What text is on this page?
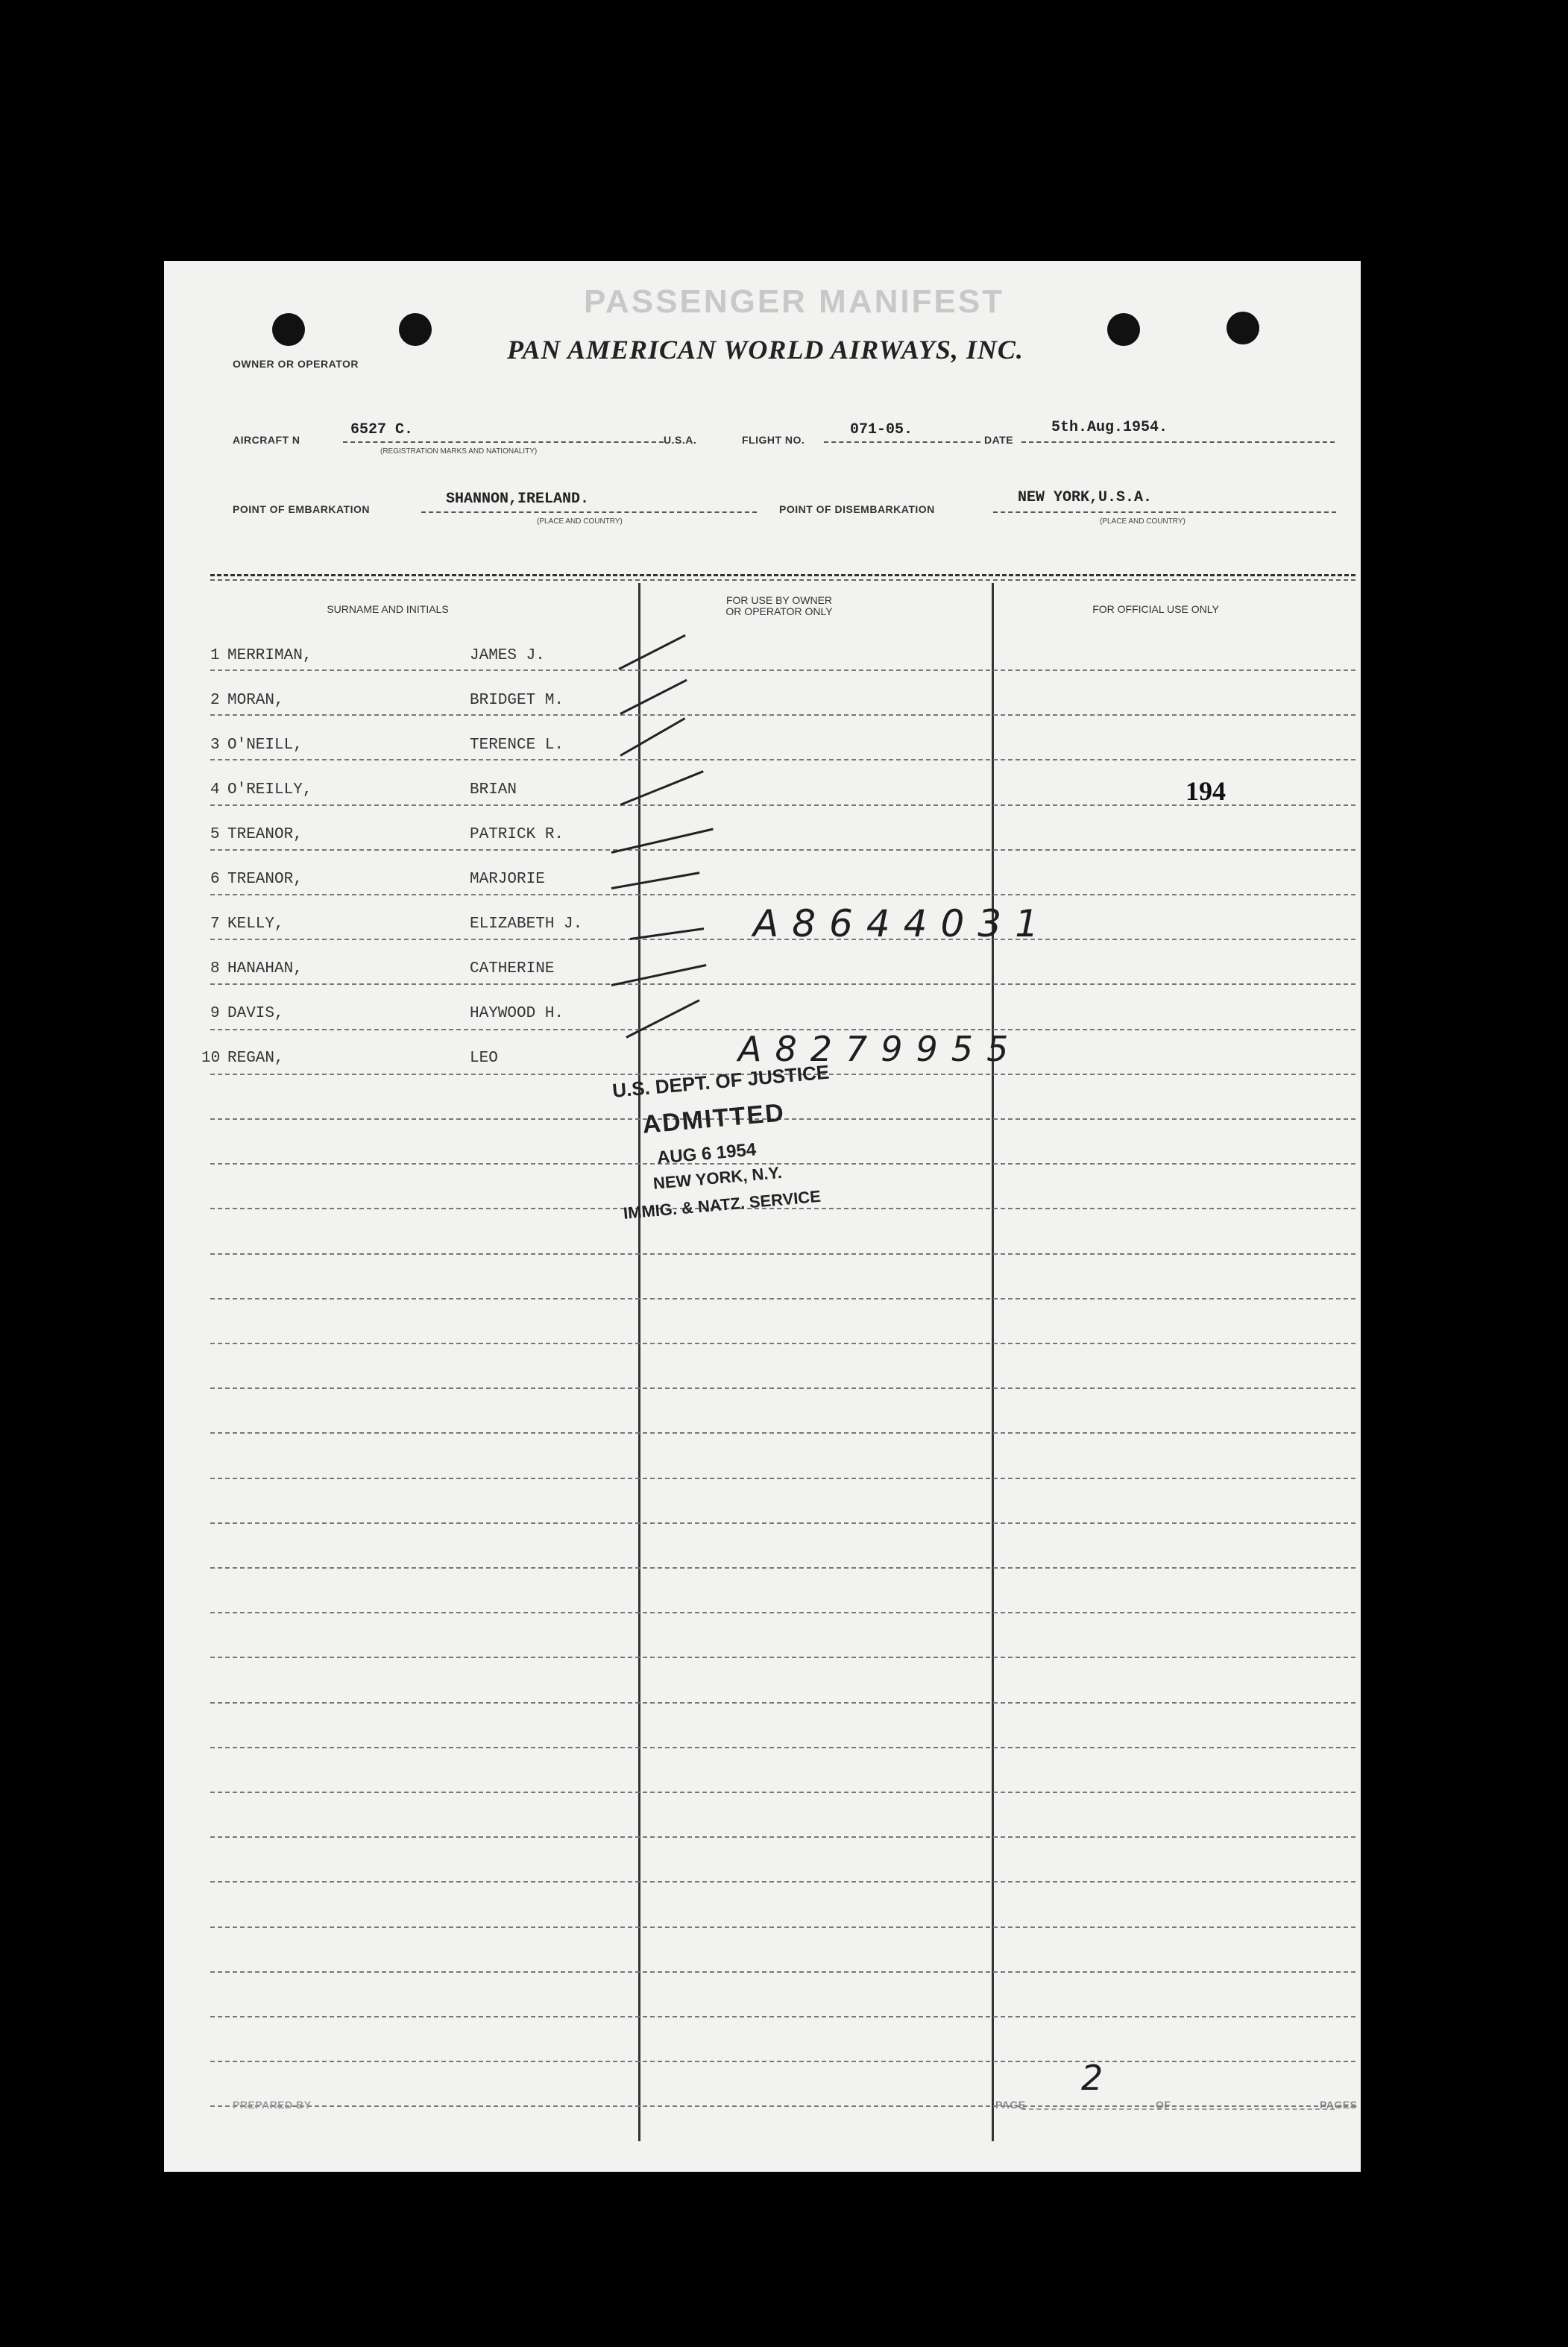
PASSENGER MANIFEST
OWNER OR OPERATOR	PAN AMERICAN WORLD AIRWAYS, INC.
AIRCRAFT N
6527 C.
(REGISTRATION MARKS AND NATIONALITY)
U.S.A.	FLIGHT NO.
071-05.
DATE
5th.Aug.1954.
POINT OF EMBARKATION
SHANNON,IRELAND.
(PLACE AND COUNTRY)
POINT OF DISEMBARKATION
NEW YORK,U.S.A.
(PLACE AND COUNTRY)
SURNAME AND INITIALS
FOR USE BY OWNER
OR OPERATOR ONLY	FOR OFFICIAL USE ONLY
1 MERRIMAN,	JAMES J.
2 MORAN,	BRIDGET M.
3 O'NEILL,	TERENCE L.
4 O'REILLY,	BRIAN
5 TREANOR,	PATRICK R.
6 TREANOR,	MARJORIE
7 KELLY,	ELIZABETH J.
8 HANAHAN,	CATHERINE
9 DAVIS,	HAYWOOD H.
10 REGAN,	LEO
A8644031
A8279955
194
U.S. DEPT. OF JUSTICE
ADMITTED
AUG 6 1954
NEW YORK, N.Y.
IMMIG. & NATZ. SERVICE
PREPARED BY	PAGE
2
OF	PAGES
